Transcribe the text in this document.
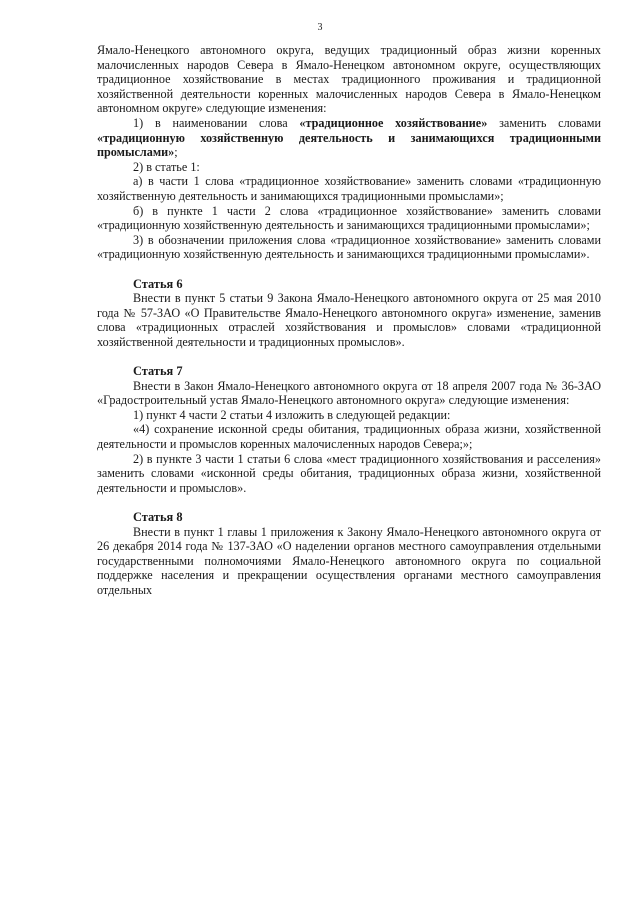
3

Ямало-Ненецкого автономного округа, ведущих традиционный образ жизни коренных малочисленных народов Севера в Ямало-Ненецком автономном округе, осуществляющих традиционное хозяйствование в местах традиционного проживания и традиционной хозяйственной деятельности коренных малочисленных народов Севера в Ямало-Ненецком автономном округе» следующие изменения:

1) в наименовании слова «традиционное хозяйствование» заменить словами «традиционную хозяйственную деятельность и занимающихся традиционными промыслами»;

2) в статье 1:

а) в части 1 слова «традиционное хозяйствование» заменить словами «традиционную хозяйственную деятельность и занимающихся традиционными промыслами»;

б) в пункте 1 части 2 слова «традиционное хозяйствование» заменить словами «традиционную хозяйственную деятельность и занимающихся традиционными промыслами»;

3) в обозначении приложения слова «традиционное хозяйствование» заменить словами «традиционную хозяйственную деятельность и занимающихся традиционными промыслами».

Статья 6

Внести в пункт 5 статьи 9 Закона Ямало-Ненецкого автономного округа от 25 мая 2010 года № 57-ЗАО «О Правительстве Ямало-Ненецкого автономного округа» изменение, заменив слова «традиционных отраслей хозяйствования и промыслов» словами «традиционной хозяйственной деятельности и традиционных промыслов».

Статья 7

Внести в Закон Ямало-Ненецкого автономного округа от 18 апреля 2007 года № 36-ЗАО «Градостроительный устав Ямало-Ненецкого автономного округа» следующие изменения:

1) пункт 4 части 2 статьи 4 изложить в следующей редакции:

«4) сохранение исконной среды обитания, традиционных образа жизни, хозяйственной деятельности и промыслов коренных малочисленных народов Севера;»;

2) в пункте 3 части 1 статьи 6 слова «мест традиционного хозяйствования и расселения» заменить словами «исконной среды обитания, традиционных образа жизни, хозяйственной деятельности и промыслов».

Статья 8

Внести в пункт 1 главы 1 приложения к Закону Ямало-Ненецкого автономного округа от 26 декабря 2014 года № 137-ЗАО «О наделении органов местного самоуправления отдельными государственными полномочиями Ямало-Ненецкого автономного округа по социальной поддержке населения и прекращении осуществления органами местного самоуправления отдельных
